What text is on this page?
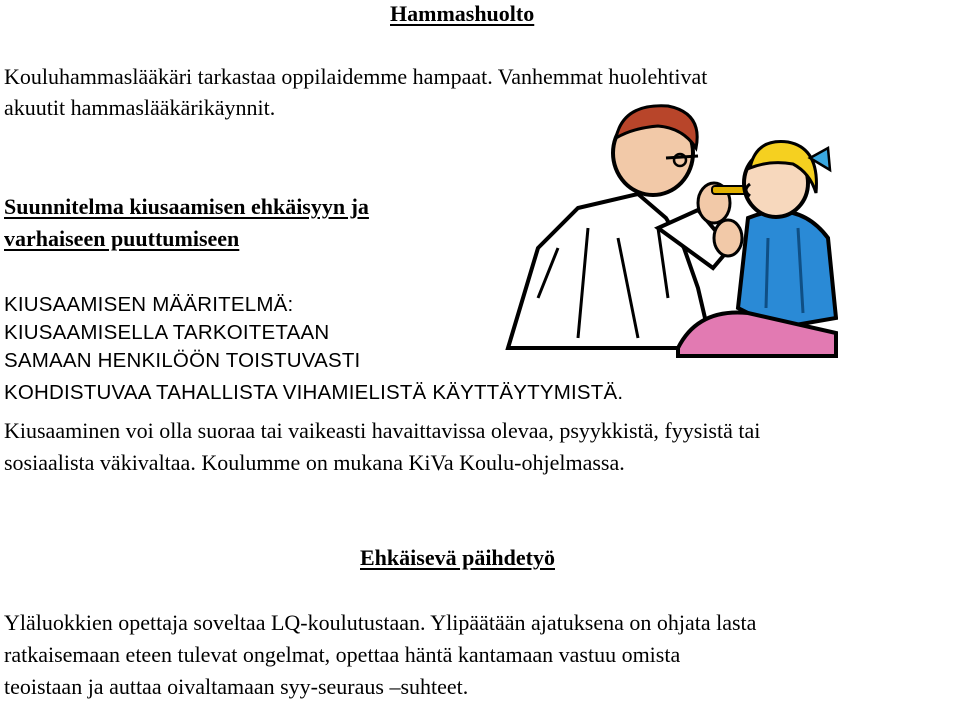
Hammashuolto

Kouluhammaslääkäri tarkastaa oppilaidemme hampaat. Vanhemmat huolehtivat

akuutit hammaslääkärikäynnit.

Suunnitelma kiusaamisen ehkäisyyn ja
varhaiseen puuttumiseen

KIUSAAMISEN MÄÄRITELMÄ:

KIUSAAMISELLA TARKOITETAAN

SAMAAN HENKILÖÖN TOISTUVASTI

KOHDISTUVAA TAHALLISTA VIHAMIELISTÄ KÄYTTÄYTYMISTÄ.

Kiusaaminen voi olla suoraa tai vaikeasti havaittavissa olevaa, psyykkistä, fyysistä tai

sosiaalista väkivaltaa. Koulumme on mukana KiVa Koulu-ohjelmassa.

Ehkäisevä päihdetyö

Yläluokkien opettaja soveltaa LQ-koulutustaan. Ylipäätään ajatuksena on ohjata lasta

ratkaisemaan eteen tulevat ongelmat, opettaa häntä kantamaan vastuu omista

teoistaan ja auttaa oivaltamaan syy-seuraus –suhteet.
